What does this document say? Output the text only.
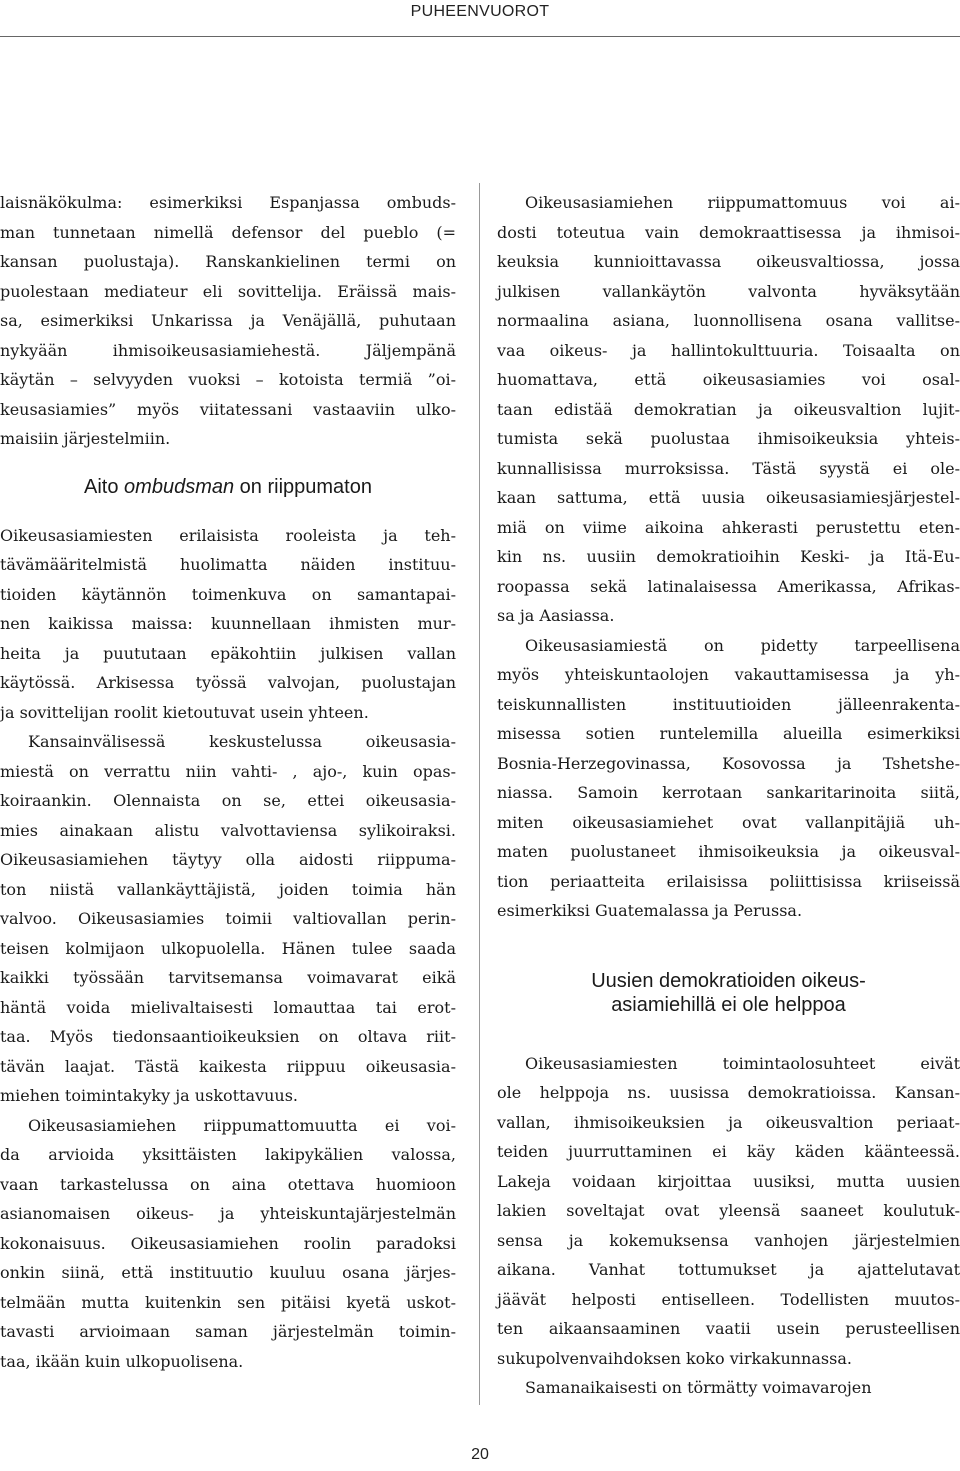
PUHEENVUOROT

laisnäkökulma: esimerkiksi Espanjassa ombuds-
man tunnetaan nimellä defensor del pueblo (=
kansan puolustaja). Ranskankielinen termi on
puolestaan mediateur eli sovittelija. Eräissä mais-
sa, esimerkiksi Unkarissa ja Venäjällä, puhutaan
nykyään ihmisoikeusasiamiehestä. Jäljempänä
käytän – selvyyden vuoksi – kotoista termiä ”oi-
keusasiamies” myös viitatessani vastaaviin ulko-
maisiin järjestelmiin.

Aito ombudsman on riippumaton

Oikeusasiamiesten erilaisista rooleista ja teh-
tävämääritelmistä huolimatta näiden instituu-
tioiden käytännön toimenkuva on samantapai-
nen kaikissa maissa: kuunnellaan ihmisten mur-
heita ja puututaan epäkohtiin julkisen vallan
käytössä. Arkisessa työssä valvojan, puolustajan
ja sovittelijan roolit kietoutuvat usein yhteen.

Kansainvälisessä keskustelussa oikeusasia-
miestä on verrattu niin vahti- , ajo-, kuin opas-
koiraankin. Olennaista on se, ettei oikeusasia-
mies ainakaan alistu valvottaviensa sylikoiraksi.
Oikeusasiamiehen täytyy olla aidosti riippuma-
ton niistä vallankäyttäjistä, joiden toimia hän
valvoo. Oikeusasiamies toimii valtiovallan perin-
teisen kolmijaon ulkopuolella. Hänen tulee saada
kaikki työssään tarvitsemansa voimavarat eikä
häntä voida mielivaltaisesti lomauttaa tai erot-
taa. Myös tiedonsaantioikeuksien on oltava riit-
tävän laajat. Tästä kaikesta riippuu oikeusasia-
miehen toimintakyky ja uskottavuus.

Oikeusasiamiehen riippumattomuutta ei voi-
da arvioida yksittäisten lakipykälien valossa,
vaan tarkastelussa on aina otettava huomioon
asianomaisen oikeus- ja yhteiskuntajärjestelmän
kokonaisuus. Oikeusasiamiehen roolin paradoksi
onkin siinä, että instituutio kuuluu osana järjes-
telmään mutta kuitenkin sen pitäisi kyetä uskot-
tavasti arvioimaan saman järjestelmän toimin-
taa, ikään kuin ulkopuolisena.

Oikeusasiamiehen riippumattomuus voi ai-
dosti toteutua vain demokraattisessa ja ihmisoi-
keuksia kunnioittavassa oikeusvaltiossa, jossa
julkisen vallankäytön valvonta hyväksytään
normaalina asiana, luonnollisena osana vallitse-
vaa oikeus- ja hallintokulttuuria. Toisaalta on
huomattava, että oikeusasiamies voi osal-
taan edistää demokratian ja oikeusvaltion lujit-
tumista sekä puolustaa ihmisoikeuksia yhteis-
kunnallisissa murroksissa. Tästä syystä ei ole-
kaan sattuma, että uusia oikeusasiamiesjärjestel-
miä on viime aikoina ahkerasti perustettu eten-
kin ns. uusiin demokratioihin Keski- ja Itä-Eu-
roopassa sekä latinalaisessa Amerikassa, Afrikas-
sa ja Aasiassa.

Oikeusasiamiestä on pidetty tarpeellisena
myös yhteiskuntaolojen vakauttamisessa ja yh-
teiskunnallisten instituutioiden jälleenrakenta-
misessa sotien runtelemilla alueilla esimerkiksi
Bosnia-Herzegovinassa, Kosovossa ja Tshetshe-
niassa. Samoin kerrotaan sankaritarinoita siitä,
miten oikeusasiamiehet ovat vallanpitäjiä uh-
maten puolustaneet ihmisoikeuksia ja oikeusval-
tion periaatteita erilaisissa poliittisissa kriiseissä
esimerkiksi Guatemalassa ja Perussa.

Uusien demokratioiden oikeus-
asiamiehillä ei ole helppoa

Oikeusasiamiesten toimintaolosuhteet eivät
ole helppoja ns. uusissa demokratioissa. Kansan-
vallan, ihmisoikeuksien ja oikeusvaltion periaat-
teiden juurruttaminen ei käy käden käänteessä.
Lakeja voidaan kirjoittaa uusiksi, mutta uusien
lakien soveltajat ovat yleensä saaneet koulutuk-
sensa ja kokemuksensa vanhojen järjestelmien
aikana. Vanhat tottumukset ja ajattelutavat
jäävät helposti entiselleen. Todellisten muutos-
ten aikaansaaminen vaatii usein perusteellisen
sukupolvenvaihdoksen koko virkakunnassa.

Samanaikaisesti on törmätty voimavarojen

20
